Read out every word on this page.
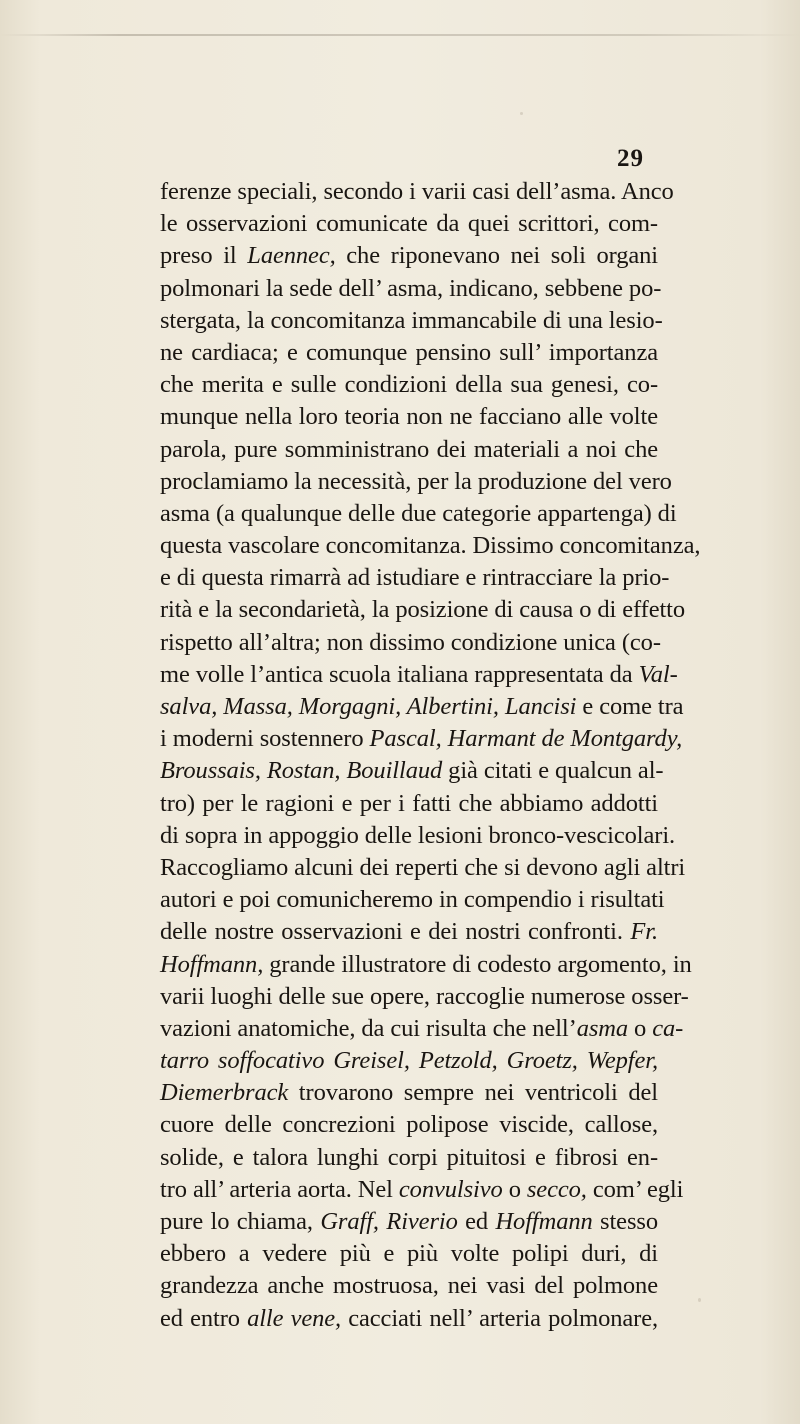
29
ferenze speciali, secondo i varii casi dell’asma. Anco
le osservazioni comunicate da quei scrittori, com-
preso il Laennec, che riponevano nei soli organi
polmonari la sede dell’ asma, indicano, sebbene po-
stergata, la concomitanza immancabile di una lesio-
ne cardiaca; e comunque pensino sull’ importanza
che merita e sulle condizioni della sua genesi, co-
munque nella loro teoria non ne facciano alle volte
parola, pure somministrano dei materiali a noi che
proclamiamo la necessità, per la produzione del vero
asma (a qualunque delle due categorie appartenga) di
questa vascolare concomitanza. Dissimo concomitanza,
e di questa rimarrà ad istudiare e rintracciare la prio-
rità e la secondarietà, la posizione di causa o di effetto
rispetto all’altra; non dissimo condizione unica (co-
me volle l’antica scuola italiana rappresentata da Val-
salva, Massa, Morgagni, Albertini, Lancisi e come tra
i moderni sostennero Pascal, Harmant de Montgardy,
Broussais, Rostan, Bouillaud già citati e qualcun al-
tro) per le ragioni e per i fatti che abbiamo addotti
di sopra in appoggio delle lesioni bronco-vescicolari.
Raccogliamo alcuni dei reperti che si devono agli altri
autori e poi comunicheremo in compendio i risultati
delle nostre osservazioni e dei nostri confronti. Fr.
Hoffmann, grande illustratore di codesto argomento, in
varii luoghi delle sue opere, raccoglie numerose osser-
vazioni anatomiche, da cui risulta che nell’asma o ca-
tarro soffocativo Greisel, Petzold, Groetz, Wepfer,
Diemerbrack trovarono sempre nei ventricoli del
cuore delle concrezioni polipose viscide, callose,
solide, e talora lunghi corpi pituitosi e fibrosi en-
tro all’ arteria aorta. Nel convulsivo o secco, com’ egli
pure lo chiama, Graff, Riverio ed Hoffmann stesso
ebbero a vedere più e più volte polipi duri, di
grandezza anche mostruosa, nei vasi del polmone
ed entro alle vene, cacciati nell’ arteria polmonare,
